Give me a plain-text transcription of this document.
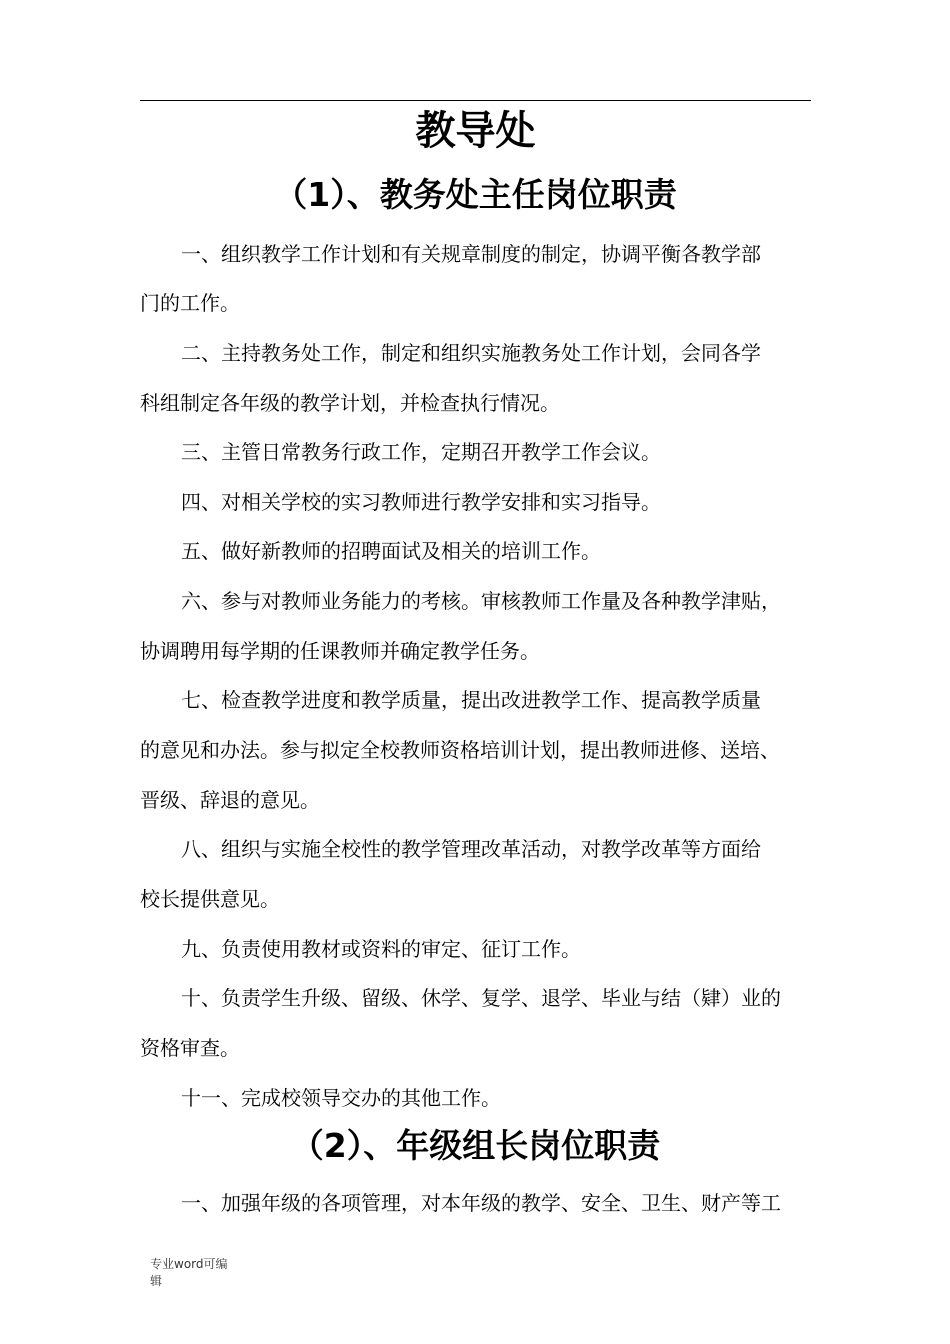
教导处
（1）、教务处主任岗位职责
一、组织教学工作计划和有关规章制度的制定，协调平衡各教学部
门的工作。
二、主持教务处工作，制定和组织实施教务处工作计划，会同各学
科组制定各年级的教学计划，并检查执行情况。
三、主管日常教务行政工作，定期召开教学工作会议。
四、对相关学校的实习教师进行教学安排和实习指导。
五、做好新教师的招聘面试及相关的培训工作。
六、参与对教师业务能力的考核。审核教师工作量及各种教学津贴，
协调聘用每学期的任课教师并确定教学任务。
七、检查教学进度和教学质量，提出改进教学工作、提高教学质量
的意见和办法。参与拟定全校教师资格培训计划，提出教师进修、送培、
晋级、辞退的意见。
八、组织与实施全校性的教学管理改革活动，对教学改革等方面给
校长提供意见。
九、负责使用教材或资料的审定、征订工作。
十、负责学生升级、留级、休学、复学、退学、毕业与结（肄）业的
资格审查。
十一、完成校领导交办的其他工作。
（2）、年级组长岗位职责
一、加强年级的各项管理，对本年级的教学、安全、卫生、财产等工
专业word可编
辑
